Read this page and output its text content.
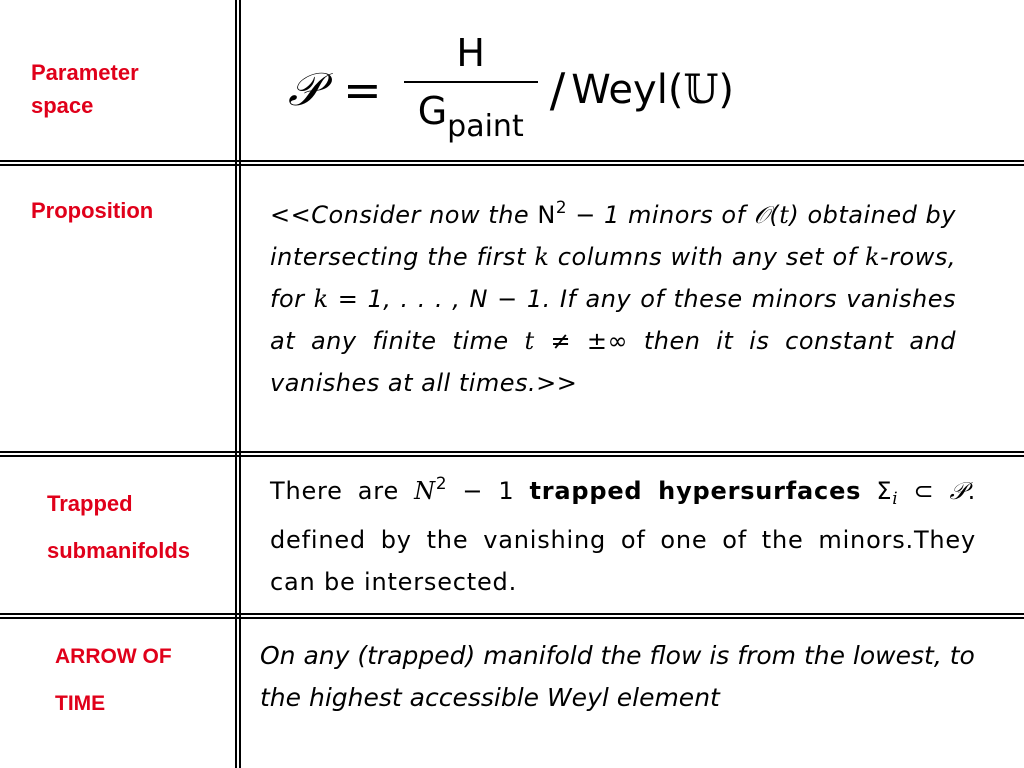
Parameter
space	𝒫 = $\frac{H}{G_{paint}}$ / Weyl(𝕌)
Proposition	<<Consider now the $N^2 - 1$ minors of 𝒪(t) obtained by intersecting the first k columns with any set of k-rows, for k = 1, . . . , N − 1. If any of these minors vanishes at any finite time t ≠ ±∞ then it is constant and vanishes at all times.>>
Trapped
submanifolds
There are $N^2 - 1$ trapped hypersurfaces $\Sigma_i$ ⊂ 𝒫. defined by the vanishing of one of the minors.They can be intersected.
ARROW OF
TIME
On any (trapped) manifold the flow is from the lowest, to the highest accessible Weyl element
